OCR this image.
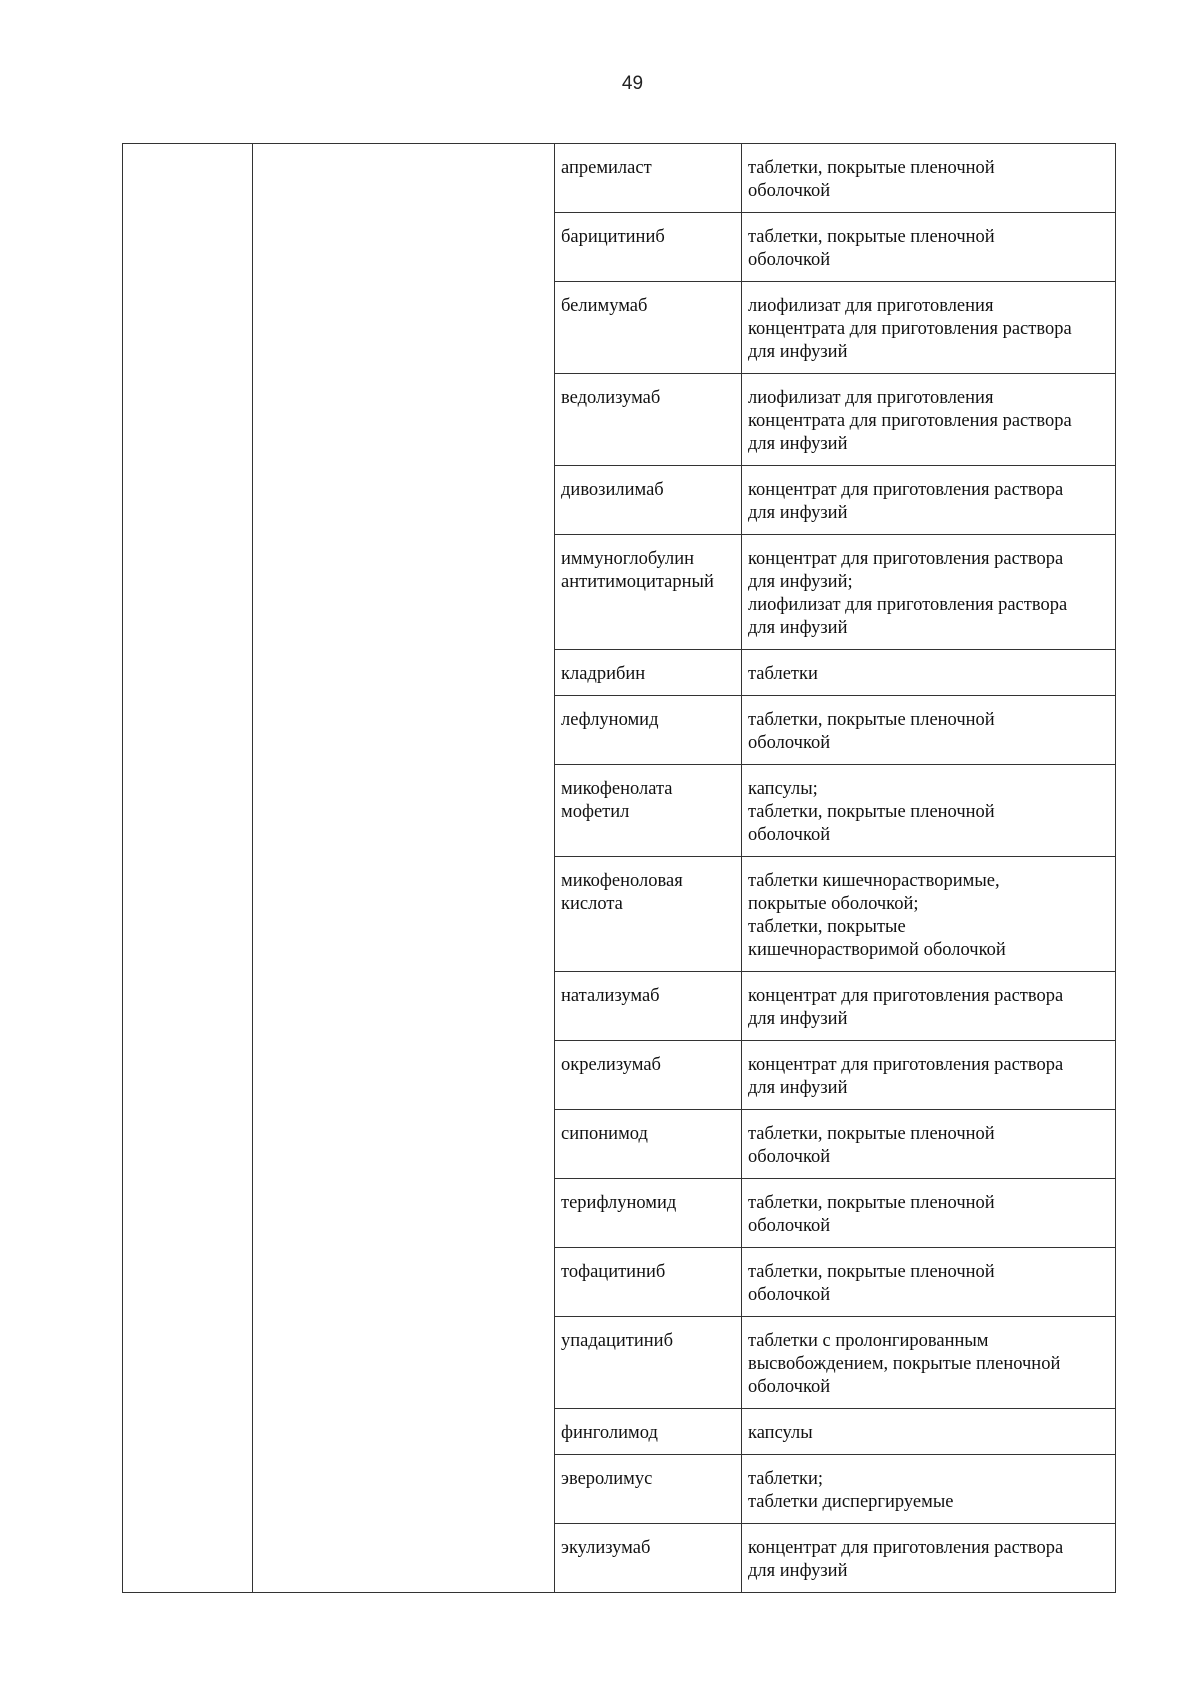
49
		апремиласт	таблетки, покрытые пленочной
оболочкой
		барицитиниб	таблетки, покрытые пленочной
оболочкой
		белимумаб	лиофилизат для приготовления
концентрата для приготовления раствора
для инфузий
		ведолизумаб	лиофилизат для приготовления
концентрата для приготовления раствора
для инфузий
		дивозилимаб	концентрат для приготовления раствора
для инфузий
		иммуноглобулин
антитимоцитарный	концентрат для приготовления раствора
для инфузий;
лиофилизат для приготовления раствора
для инфузий
		кладрибин	таблетки
		лефлуномид	таблетки, покрытые пленочной
оболочкой
		микофенолата
мофетил	капсулы;
таблетки, покрытые пленочной
оболочкой
		микофеноловая
кислота	таблетки кишечнорастворимые,
покрытые оболочкой;
таблетки, покрытые
кишечнорастворимой оболочкой
		натализумаб	концентрат для приготовления раствора
для инфузий
		окрелизумаб	концентрат для приготовления раствора
для инфузий
		сипонимод	таблетки, покрытые пленочной
оболочкой
		терифлуномид	таблетки, покрытые пленочной
оболочкой
		тофацитиниб	таблетки, покрытые пленочной
оболочкой
		упадацитиниб	таблетки с пролонгированным
высвобождением, покрытые пленочной
оболочкой
		финголимод	капсулы
		эверолимус	таблетки;
таблетки диспергируемые
		экулизумаб	концентрат для приготовления раствора
для инфузий
